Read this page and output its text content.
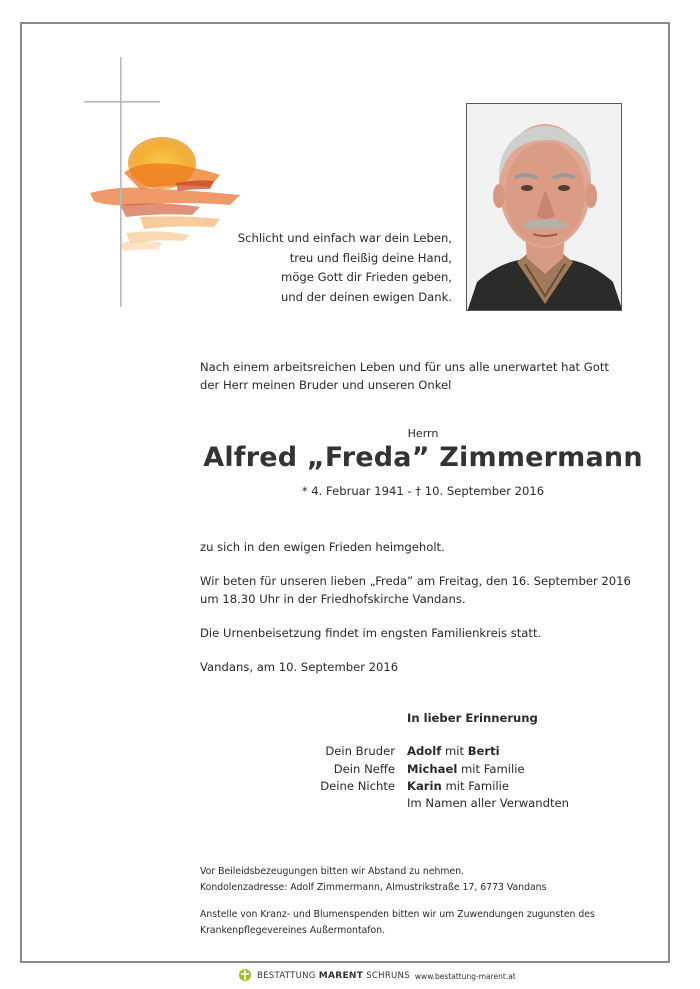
Schlicht und einfach war dein Leben,
treu und fleißig deine Hand,
möge Gott dir Frieden geben,
und der deinen ewigen Dank.
Nach einem arbeitsreichen Leben und für uns alle unerwartet hat Gott
der Herr meinen Bruder und unseren Onkel
Herrn
Alfred „Freda” Zimmermann
* 4. Februar 1941 - † 10. September 2016
zu sich in den ewigen Frieden heimgeholt.
Wir beten für unseren lieben „Freda” am Freitag, den 16. September 2016
um 18.30 Uhr in der Friedhofskirche Vandans.
Die Urnenbeisetzung findet im engsten Familienkreis statt.
Vandans, am 10. September 2016
In lieber Erinnerung
Dein Bruder Adolf mit Berti
Dein Neffe Michael mit Familie
Deine Nichte Karin mit Familie
Im Namen aller Verwandten
Vor Beileidsbezeugungen bitten wir Abstand zu nehmen.
Kondolenzadresse: Adolf Zimmermann, Almustrikstraße 17, 6773 Vandans
Anstelle von Kranz- und Blumenspenden bitten wir um Zuwendungen zugunsten des
Krankenpflegevereines Außermontafon.
BESTATTUNG MARENT SCHRUNS www.bestattung-marent.at
